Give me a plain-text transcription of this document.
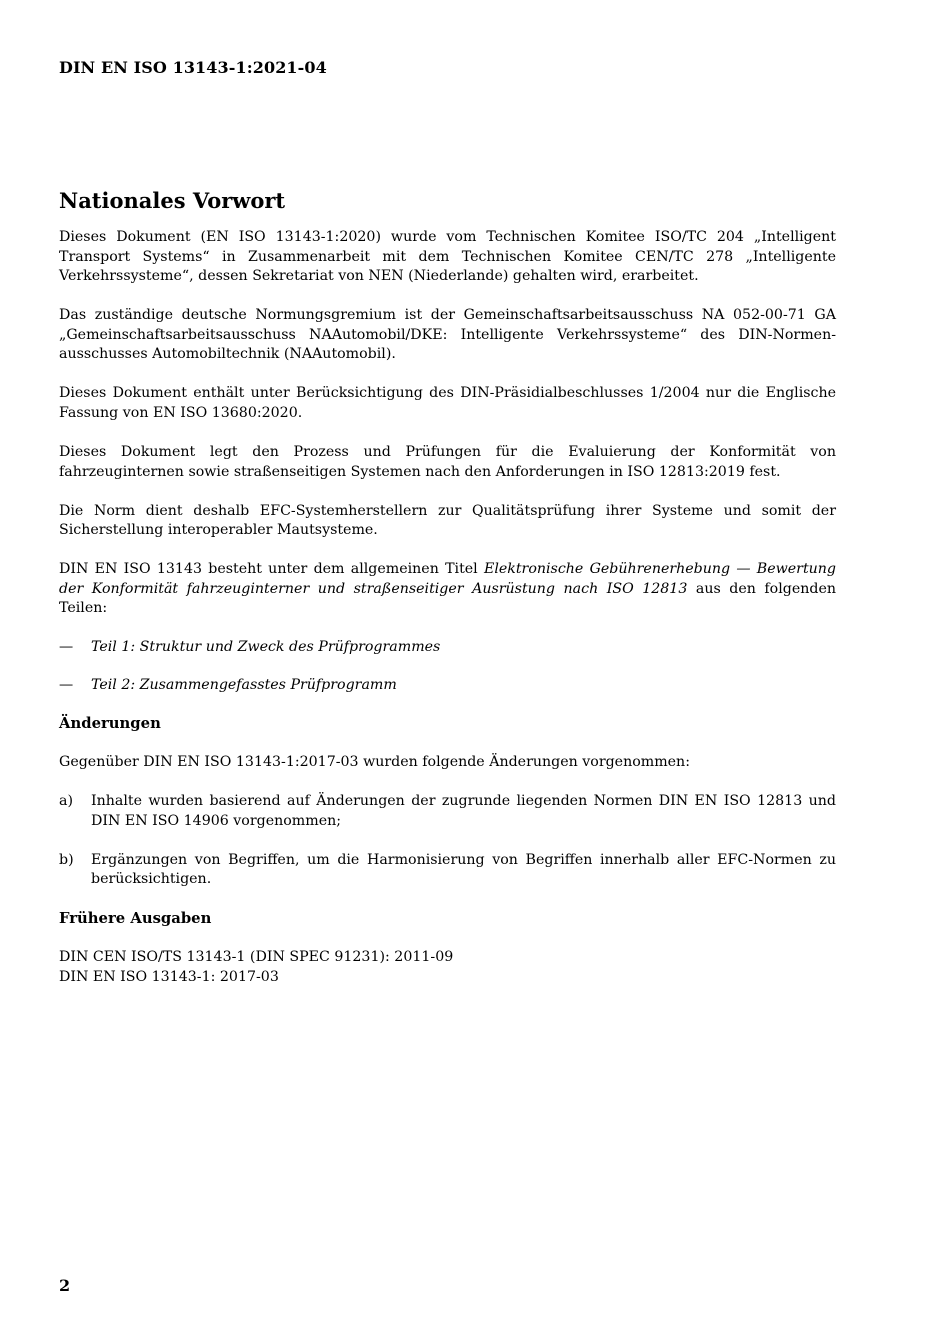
DIN EN ISO 13143-1:2021-04

Nationales Vorwort

Dieses Dokument (EN ISO 13143-1:2020) wurde vom Technischen Komitee ISO/TC 204 „Intelligent Transport Systems“ in Zusammenarbeit mit dem Technischen Komitee CEN/TC 278 „Intelligente Verkehrssysteme“, dessen Sekretariat von NEN (Niederlande) gehalten wird, erarbeitet.

Das zuständige deutsche Normungsgremium ist der Gemeinschaftsarbeitsausschuss NA 052-00-71 GA „Gemeinschaftsarbeitsausschuss NAAutomobil/DKE: Intelligente Verkehrssysteme“ des DIN-Normenausschusses Automobiltechnik (NAAutomobil).

Dieses Dokument enthält unter Berücksichtigung des DIN-Präsidialbeschlusses 1/2004 nur die Englische Fassung von EN ISO 13680:2020.

Dieses Dokument legt den Prozess und Prüfungen für die Evaluierung der Konformität von fahrzeuginternen sowie straßenseitigen Systemen nach den Anforderungen in ISO 12813:2019 fest.

Die Norm dient deshalb EFC-Systemherstellern zur Qualitätsprüfung ihrer Systeme und somit der Sicherstellung interoperabler Mautsysteme.

DIN EN ISO 13143 besteht unter dem allgemeinen Titel Elektronische Gebührenerhebung — Bewertung der Konformität fahrzeuginterner und straßenseitiger Ausrüstung nach ISO 12813 aus den folgenden Teilen:

—	Teil 1: Struktur und Zweck des Prüfprogrammes
—	Teil 2: Zusammengefasstes Prüfprogramm
Änderungen

Gegenüber DIN EN ISO 13143-1:2017-03 wurden folgende Änderungen vorgenommen:

a)	Inhalte wurden basierend auf Änderungen der zugrunde liegenden Normen DIN EN ISO 12813 und DIN EN ISO 14906 vorgenommen;
b)	Ergänzungen von Begriffen, um die Harmonisierung von Begriffen innerhalb aller EFC-Normen zu berücksichtigen.
Frühere Ausgaben

DIN CEN ISO/TS 13143-1 (DIN SPEC 91231): 2011-09

DIN EN ISO 13143-1: 2017-03

2
